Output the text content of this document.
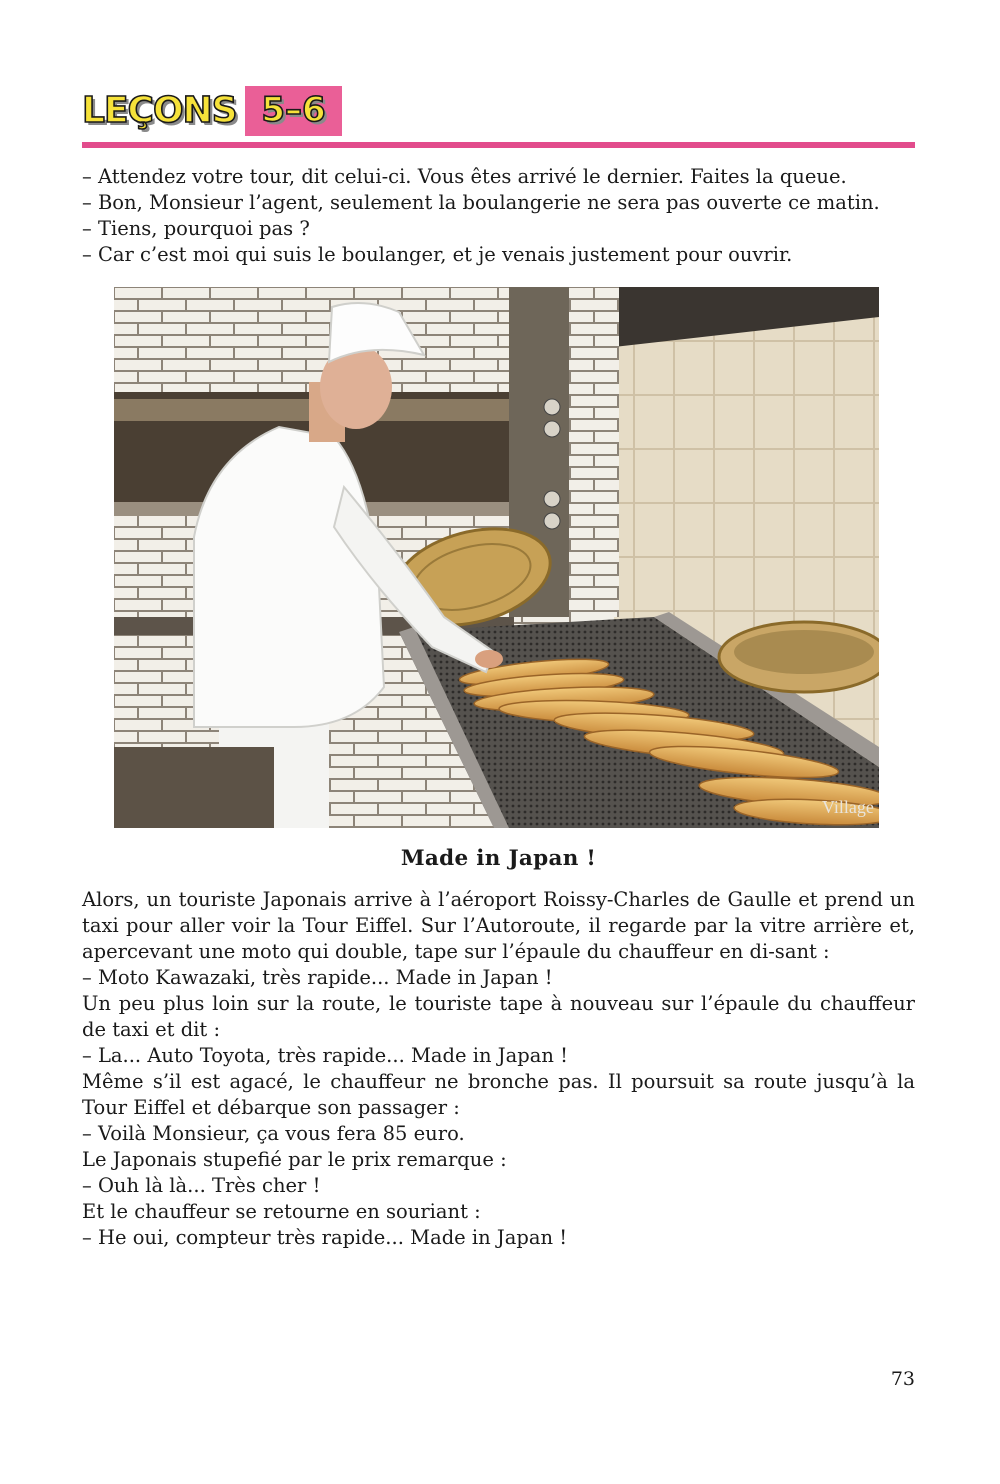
LEÇONS 5–6
– Attendez votre tour, dit celui-ci. Vous êtes arrivé le dernier. Faites la queue.
– Bon, Monsieur l’agent, seulement la boulangerie ne sera pas ouverte ce matin.
– Tiens, pourquoi pas ?
– Car c’est moi qui suis le boulanger, et je venais justement pour ouvrir.
Village
Made in Japan !
Alors, un touriste Japonais arrive à l’aéroport Roissy-Charles de Gaulle et prend un taxi pour aller voir la Tour Eiffel. Sur l’Autoroute, il regarde par la vitre arrière et, apercevant une moto qui double, tape sur l’épaule du chauffeur en di-sant :
– Moto Kawazaki, très rapide... Made in Japan !
Un peu plus loin sur la route, le touriste tape à nouveau sur l’épaule du chauffeur de taxi et dit :
– La... Auto Toyota, très rapide... Made in Japan !
Même s’il est agacé, le chauffeur ne bronche pas. Il poursuit sa route jusqu’à la Tour Eiffel et débarque son passager :
– Voilà Monsieur, ça vous fera 85 euro.
Le Japonais stupefié par le prix remarque :
– Ouh là là... Très cher !
Et le chauffeur se retourne en souriant :
– He oui, compteur très rapide... Made in Japan !
73
